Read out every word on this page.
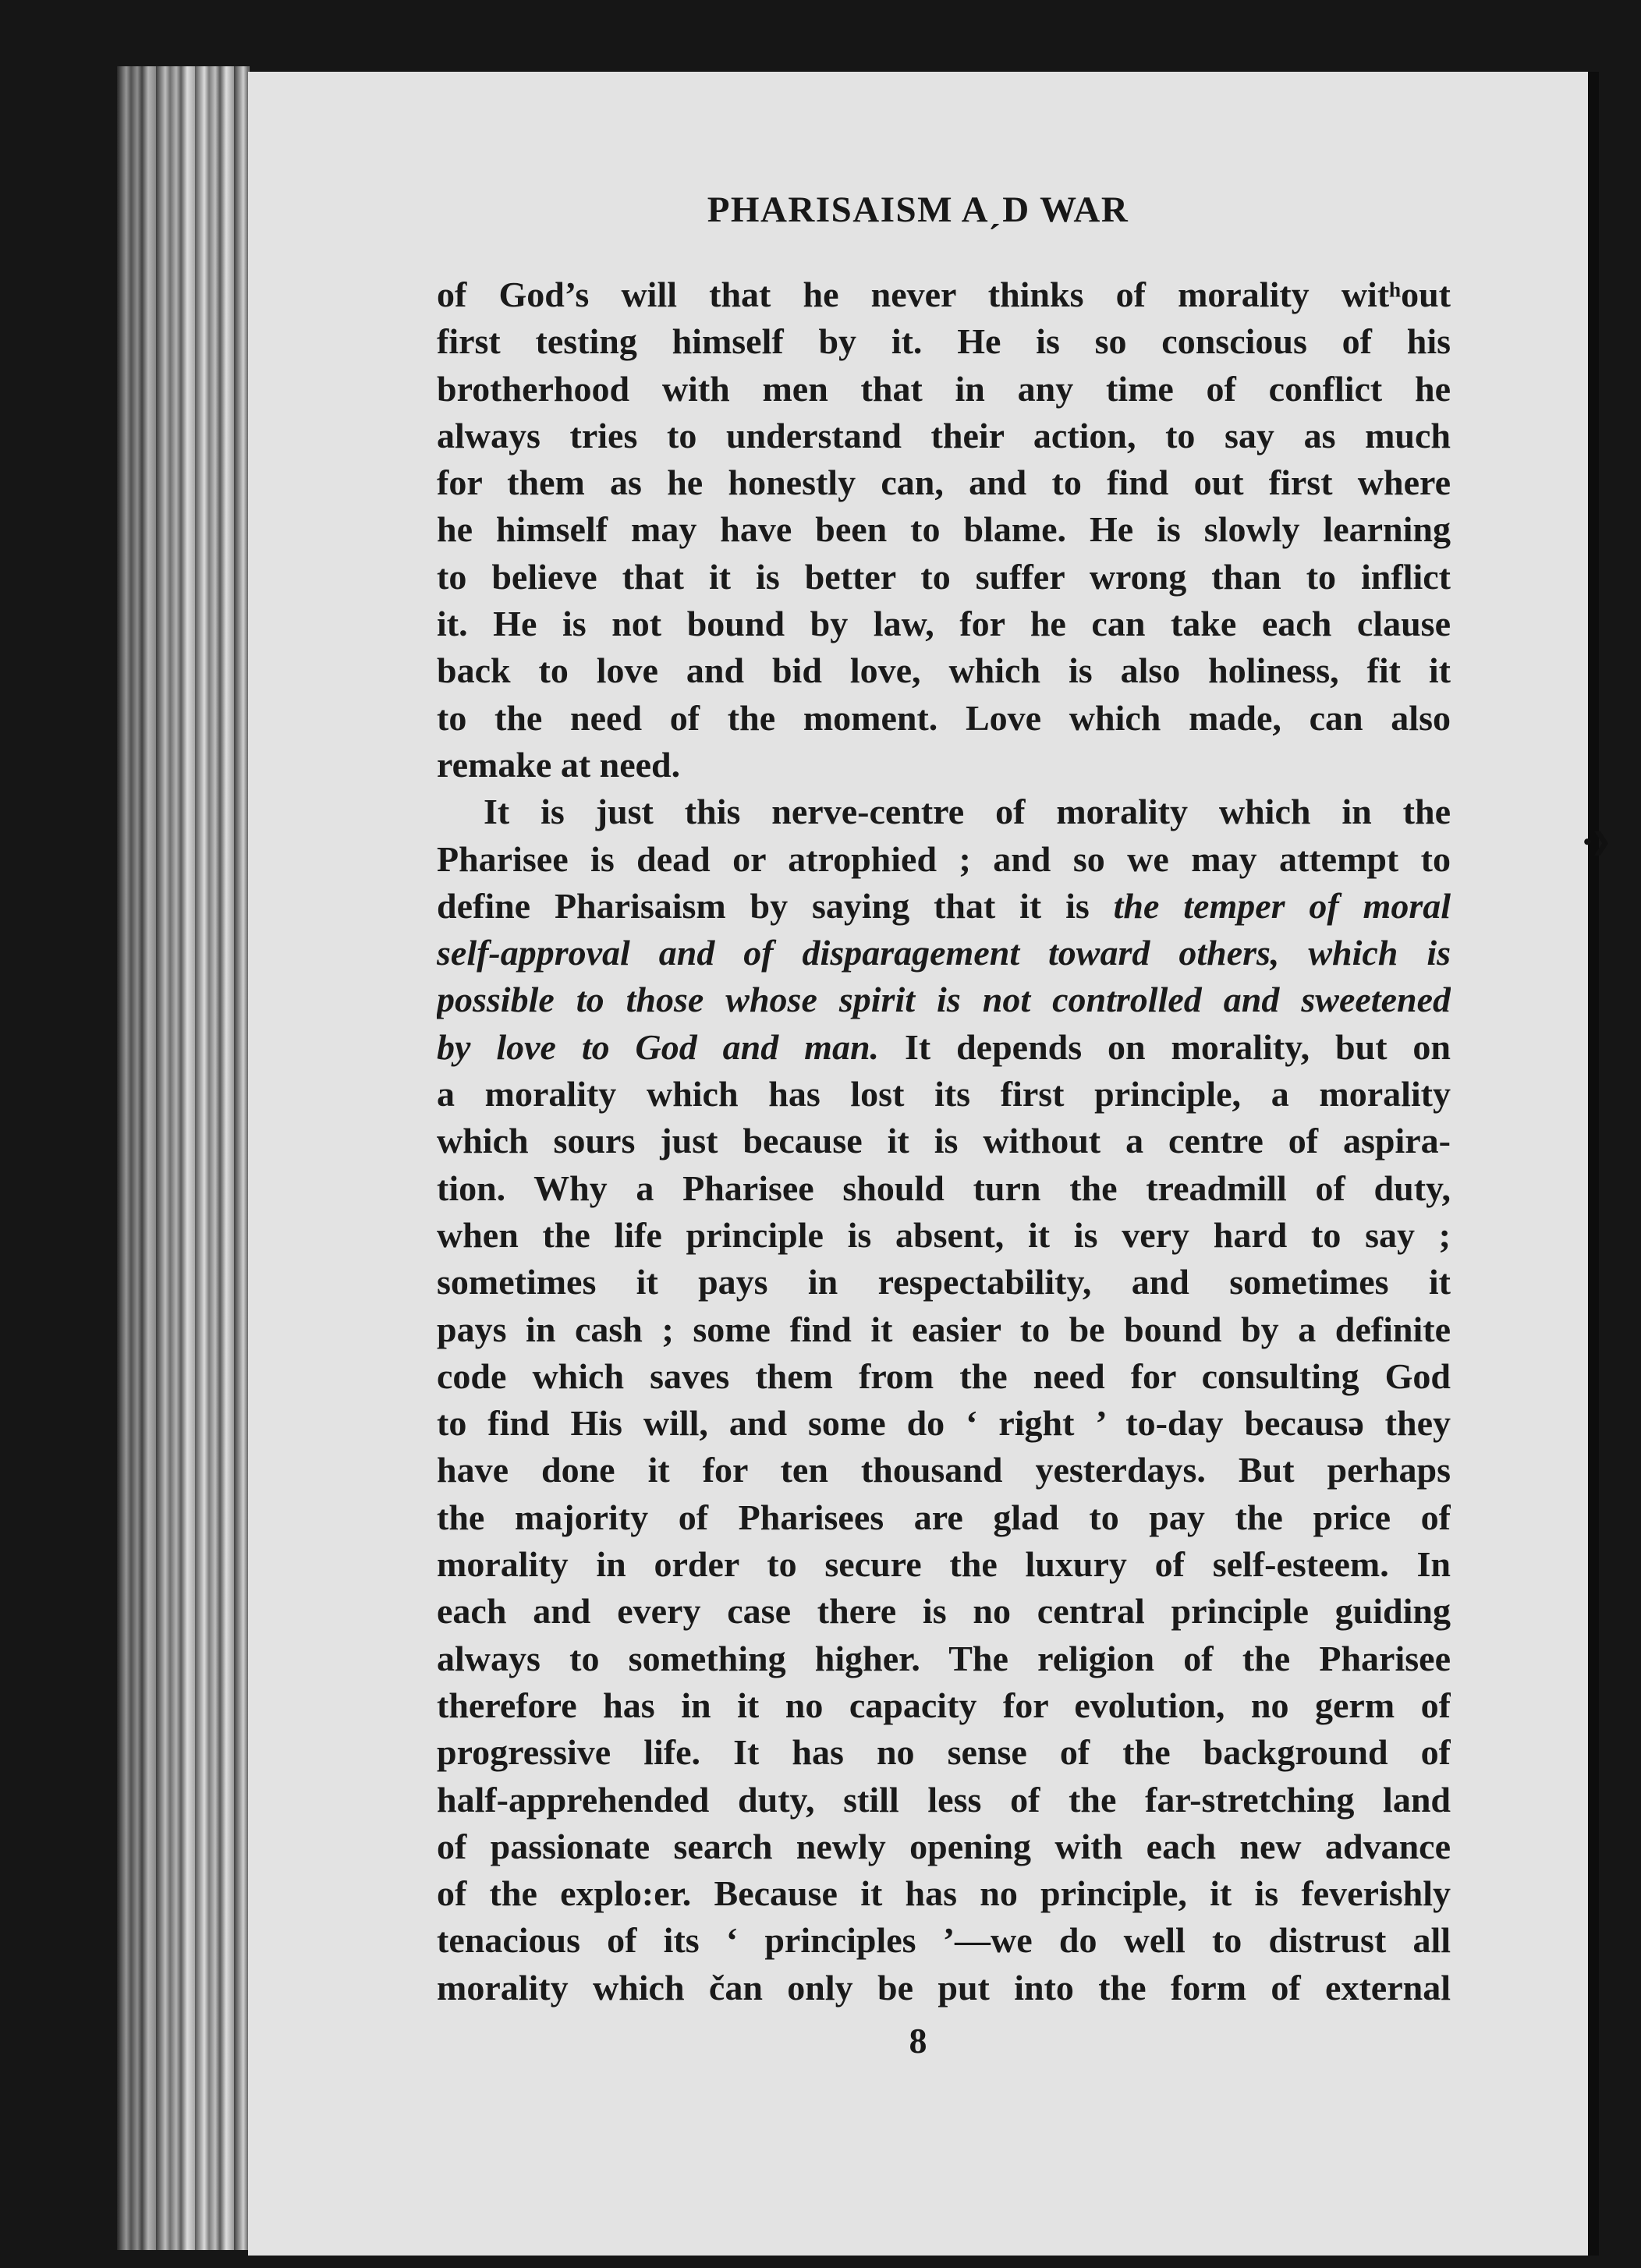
•❯
PHARISAISM AˏD WAR
of God’s will that he never thinks of morality witʰout
first testing himself by it. He is so conscious of his
brotherhood with men that in any time of conflict he
always tries to understand their action, to say as much
for them as he honestly can, and to find out first where
he himself may have been to blame. He is slowly learning
to believe that it is better to suffer wrong than to inflict
it. He is not bound by law, for he can take each clause
back to love and bid love, which is also holiness, fit it
to the need of the moment. Love which made, can also
remake at need.
It is just this nerve-centre of morality which in the
Pharisee is dead or atrophied ; and so we may attempt to
define Pharisaism by saying that it is the temper of moral
self-approval and of disparagement toward others, which is
possible to those whose spirit is not controlled and sweetened
by love to God and man. It depends on morality, but on
a morality which has lost its first principle, a morality
which sours just because it is without a centre of aspira-
tion. Why a Pharisee should turn the treadmill of duty,
when the life principle is absent, it is very hard to say ;
sometimes it pays in respectability, and sometimes it
pays in cash ; some find it easier to be bound by a definite
code which saves them from the need for consulting God
to find His will, and some do ‘ right ’ to-day becausə they
have done it for ten thousand yesterdays. But perhaps
the majority of Pharisees are glad to pay the price of
morality in order to secure the luxury of self-esteem. In
each and every case there is no central principle guiding
always to something higher. The religion of the Pharisee
therefore has in it no capacity for evolution, no germ of
progressive life. It has no sense of the background of
half-apprehended duty, still less of the far-stretching land
of passionate search newly opening with each new advance
of the explo:er. Because it has no principle, it is feverishly
tenacious of its ‘ principles ’—we do well to distrust all
morality which čan only be put into the form of external
8
